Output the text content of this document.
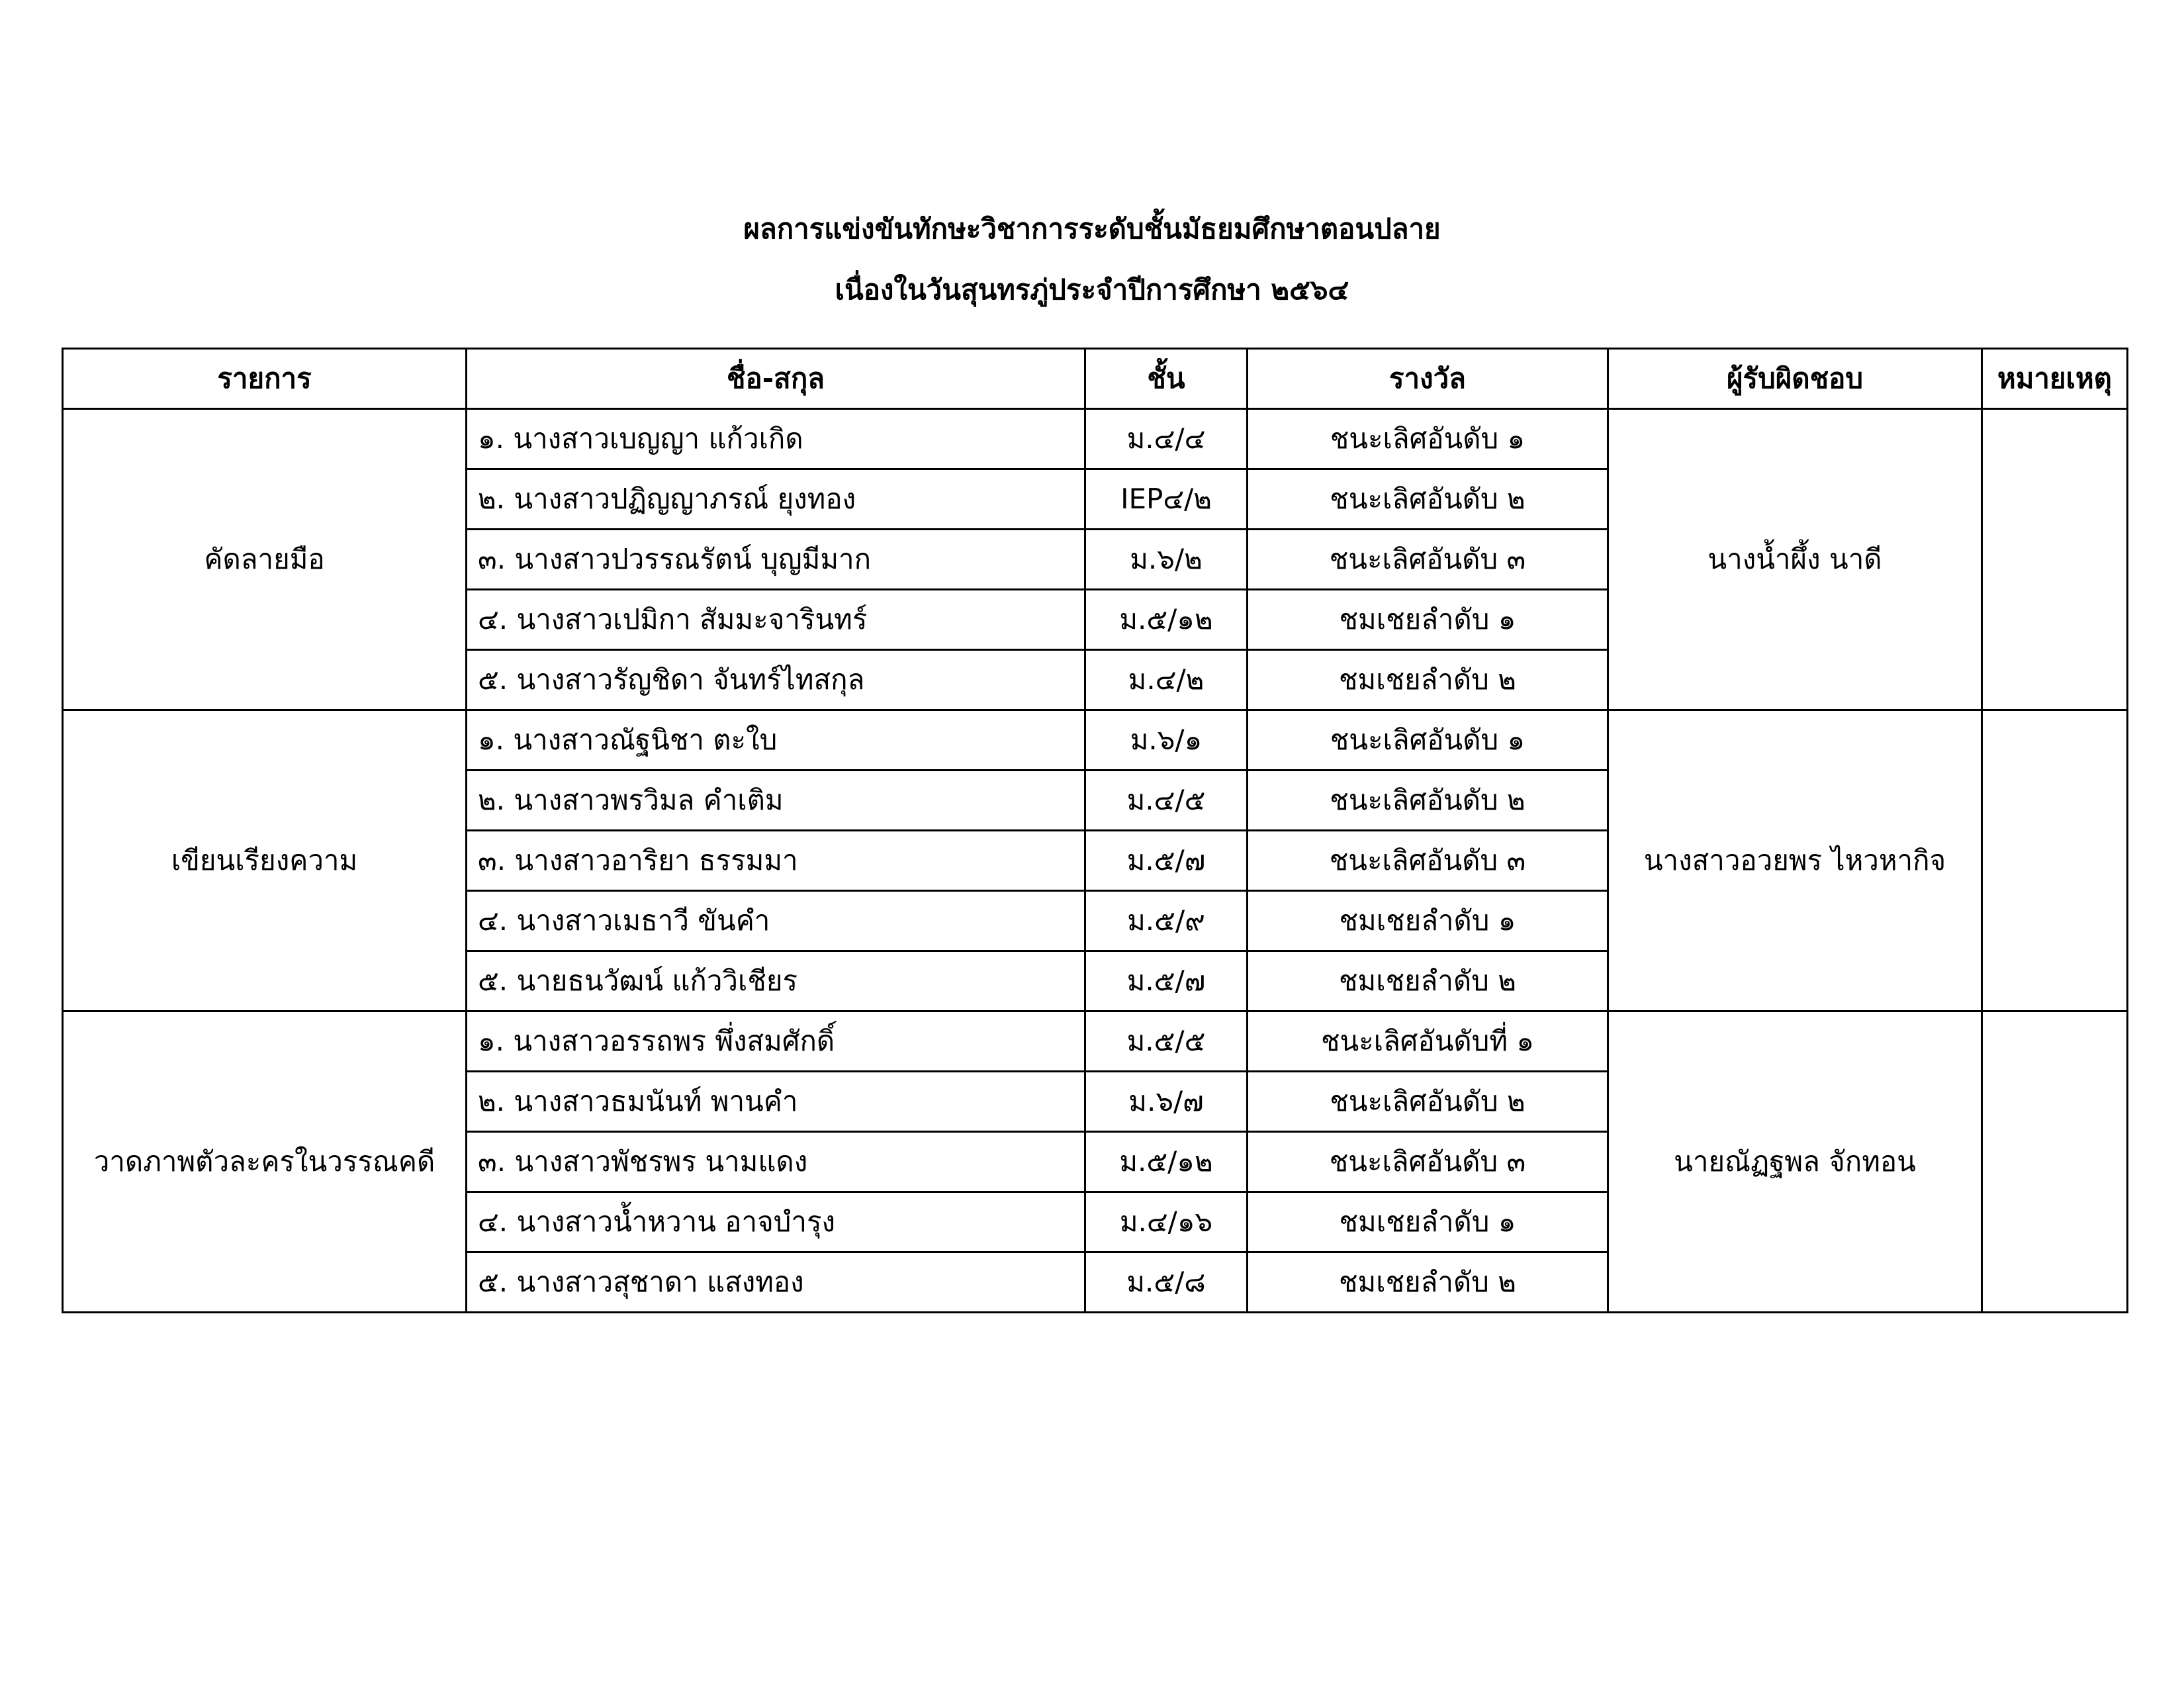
ผลการแข่งขันทักษะวิชาการระดับชั้นมัธยมศึกษาตอนปลาย
เนื่องในวันสุนทรภู่ประจำปีการศึกษา ๒๕๖๔
รายการ	ชื่อ-สกุล	ชั้น	รางวัล	ผู้รับผิดชอบ	หมายเหตุ
คัดลายมือ	๑. นางสาวเบญญา แก้วเกิด	ม.๔/๔	ชนะเลิศอันดับ ๑	นางน้ำผึ้ง นาดี	
	๒. นางสาวปฏิญญาภรณ์ ยุงทอง	IEP๔/๒	ชนะเลิศอันดับ ๒		
	๓. นางสาวปวรรณรัตน์ บุญมีมาก	ม.๖/๒	ชนะเลิศอันดับ ๓		
	๔. นางสาวเปมิกา สัมมะจารินทร์	ม.๕/๑๒	ชมเชยลำดับ ๑		
	๕. นางสาวรัญชิดา จันทร์ไทสกุล	ม.๔/๒	ชมเชยลำดับ ๒		
เขียนเรียงความ	๑. นางสาวณัฐนิชา ตะใบ	ม.๖/๑	ชนะเลิศอันดับ ๑	นางสาวอวยพร ไหวหากิจ	
	๒. นางสาวพรวิมล คำเติม	ม.๔/๕	ชนะเลิศอันดับ ๒		
	๓. นางสาวอาริยา ธรรมมา	ม.๕/๗	ชนะเลิศอันดับ ๓		
	๔. นางสาวเมธาวี ขันคำ	ม.๕/๙	ชมเชยลำดับ ๑		
	๕. นายธนวัฒน์ แก้ววิเชียร	ม.๕/๗	ชมเชยลำดับ ๒		
วาดภาพตัวละครในวรรณคดี	๑. นางสาวอรรถพร พึ่งสมศักดิ์	ม.๕/๕	ชนะเลิศอันดับที่ ๑	นายณัฏฐพล จักทอน	
	๒. นางสาวธมนันท์ พานคำ	ม.๖/๗	ชนะเลิศอันดับ ๒		
	๓. นางสาวพัชรพร นามแดง	ม.๕/๑๒	ชนะเลิศอันดับ ๓		
	๔. นางสาวน้ำหวาน อาจบำรุง	ม.๔/๑๖	ชมเชยลำดับ ๑		
	๕. นางสาวสุชาดา แสงทอง	ม.๕/๘	ชมเชยลำดับ ๒		
